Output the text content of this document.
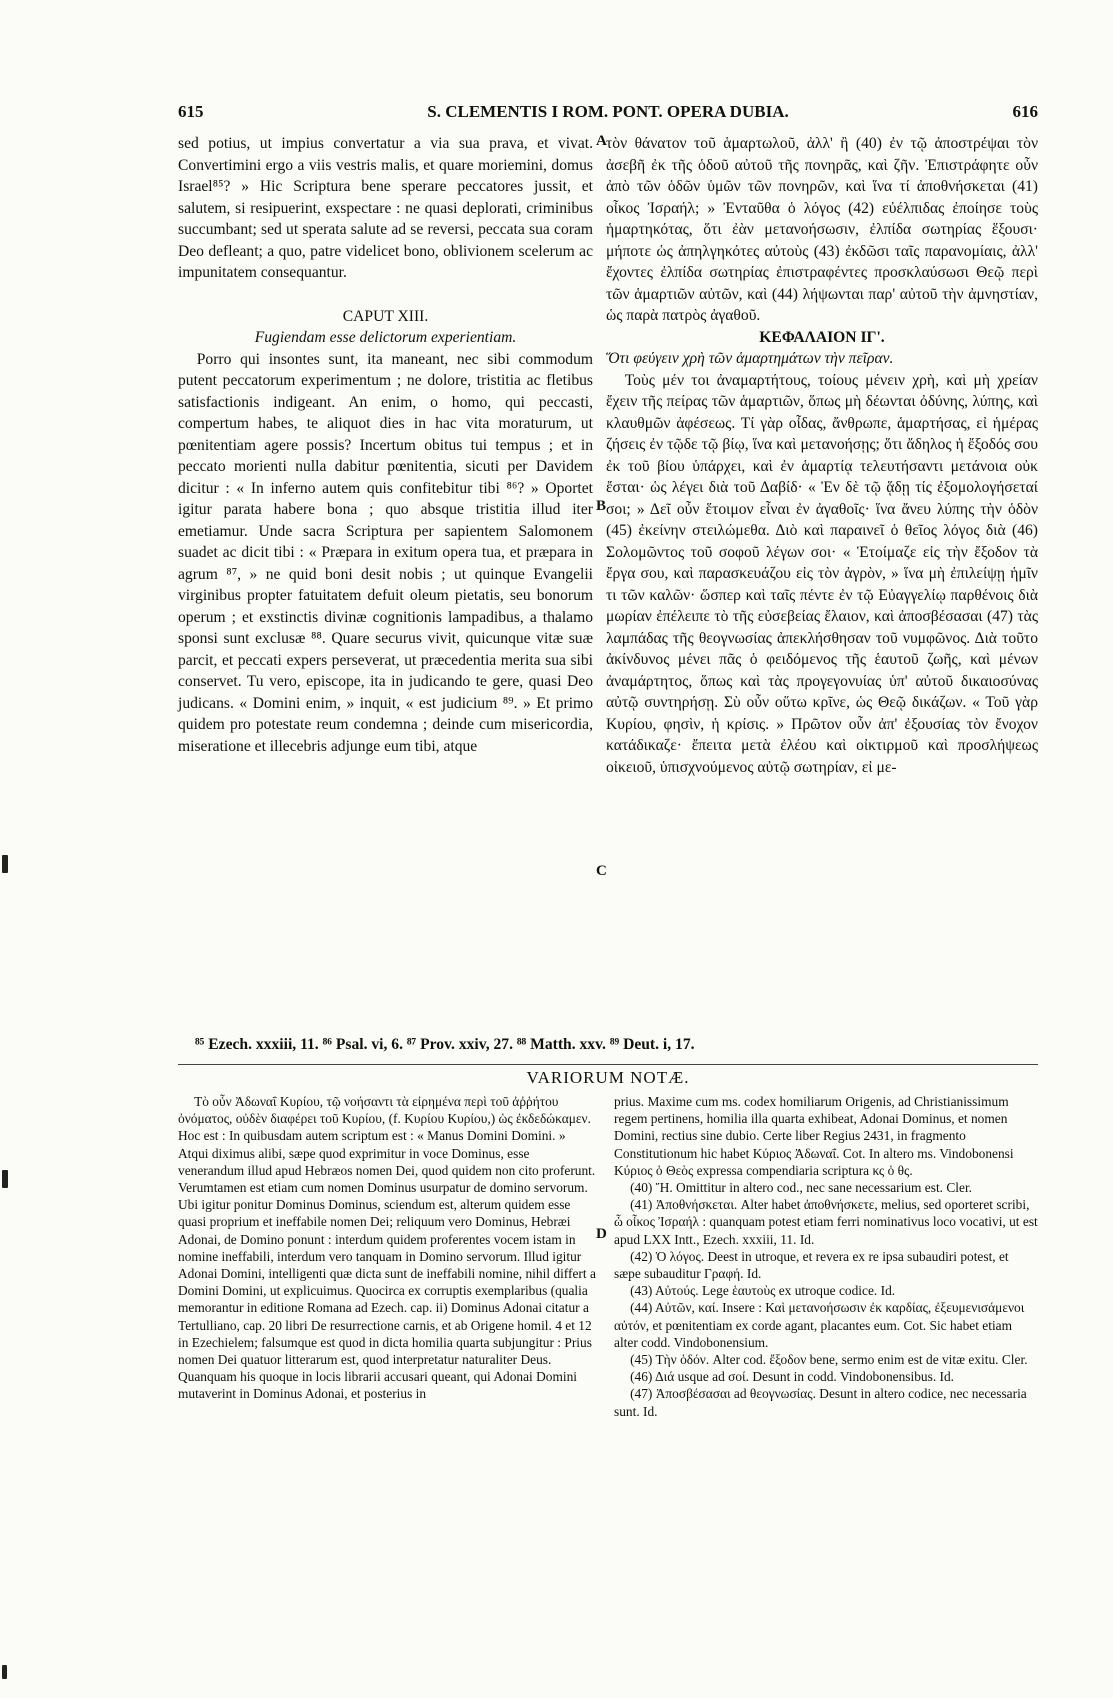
615	S. CLEMENTIS I ROM. PONT. OPERA DUBIA.	616
A
B
C
D

sed potius, ut impius convertatur a via sua prava, et vivat. Convertimini ergo a viis vestris malis, et quare moriemini, domus Israel⁸⁵? » Hic Scriptura bene sperare peccatores jussit, et salutem, si resipuerint, exspectare : ne quasi deplorati, criminibus succumbant; sed ut sperata salute ad se reversi, peccata sua coram Deo defleant; a quo, patre videlicet bono, oblivionem scelerum ac impunitatem consequantur.

CAPUT XIII.

Fugiendam esse delictorum experientiam.

Porro qui insontes sunt, ita maneant, nec sibi commodum putent peccatorum experimentum ; ne dolore, tristitia ac fletibus satisfactionis indigeant. An enim, o homo, qui peccasti, compertum habes, te aliquot dies in hac vita moraturum, ut pœnitentiam agere possis? Incertum obitus tui tempus ; et in peccato morienti nulla dabitur pœnitentia, sicuti per Davidem dicitur : « In inferno autem quis confitebitur tibi ⁸⁶? » Oportet igitur parata habere bona ; quo absque tristitia illud iter emetiamur. Unde sacra Scriptura per sapientem Salomonem suadet ac dicit tibi : « Præpara in exitum opera tua, et præpara in agrum ⁸⁷, » ne quid boni desit nobis ; ut quinque Evangelii virginibus propter fatuitatem defuit oleum pietatis, seu bonorum operum ; et exstinctis divinæ cognitionis lampadibus, a thalamo sponsi sunt exclusæ ⁸⁸. Quare securus vivit, quicunque vitæ suæ parcit, et peccati expers perseverat, ut præcedentia merita sua sibi conservet. Tu vero, episcope, ita in judicando te gere, quasi Deo judicans. « Domini enim, » inquit, « est judicium ⁸⁹. » Et primo quidem pro potestate reum condemna ; deinde cum misericordia, miseratione et illecebris adjunge eum tibi, atque

τὸν θάνατον τοῦ ἁμαρτωλοῦ, ἀλλ' ἢ (40) ἐν τῷ ἀποστρέψαι τὸν ἀσεβῆ ἐκ τῆς ὁδοῦ αὐτοῦ τῆς πονηρᾶς, καὶ ζῆν. Ἐπιστράφητε οὖν ἀπὸ τῶν ὁδῶν ὑμῶν τῶν πονηρῶν, καὶ ἵνα τί ἀποθνήσκεται (41) οἶκος Ἰσραήλ; » Ἐνταῦθα ὁ λόγος (42) εὐέλπιδας ἐποίησε τοὺς ἡμαρτηκότας, ὅτι ἐὰν μετανοήσωσιν, ἐλπίδα σωτηρίας ἕξουσι· μήποτε ὡς ἀπηλγηκότες αὐτοὺς (43) ἐκδῶσι ταῖς παρανομίαις, ἀλλ' ἔχοντες ἐλπίδα σωτηρίας ἐπιστραφέντες προσκλαύσωσι Θεῷ περὶ τῶν ἁμαρτιῶν αὐτῶν, καὶ (44) λήψωνται παρ' αὐτοῦ τὴν ἀμνηστίαν, ὡς παρὰ πατρὸς ἀγαθοῦ.

ΚΕΦΑΛΑΙΟΝ ΙΓ'.

Ὅτι φεύγειν χρὴ τῶν ἁμαρτημάτων τὴν πεῖραν.

Τοὺς μέν τοι ἀναμαρτήτους, τοίους μένειν χρὴ, καὶ μὴ χρείαν ἔχειν τῆς πείρας τῶν ἁμαρτιῶν, ὅπως μὴ δέωνται ὀδύνης, λύπης, καὶ κλαυθμῶν ἀφέσεως. Τί γὰρ οἶδας, ἄνθρωπε, ἁμαρτήσας, εἰ ἡμέρας ζήσεις ἐν τῷδε τῷ βίῳ, ἵνα καὶ μετανοήσῃς; ὅτι ἄδηλος ἡ ἔξοδός σου ἐκ τοῦ βίου ὑπάρχει, καὶ ἐν ἁμαρτίᾳ τελευτήσαντι μετάνοια οὐκ ἔσται· ὡς λέγει διὰ τοῦ Δαβίδ· « Ἐν δὲ τῷ ᾅδῃ τίς ἐξομολογήσεταί σοι; » Δεῖ οὖν ἕτοιμον εἶναι ἐν ἀγαθοῖς· ἵνα ἄνευ λύπης τὴν ὁδὸν (45) ἐκείνην στειλώμεθα. Διὸ καὶ παραινεῖ ὁ θεῖος λόγος διὰ (46) Σολομῶντος τοῦ σοφοῦ λέγων σοι· « Ἑτοίμαζε εἰς τὴν ἔξοδον τὰ ἔργα σου, καὶ παρασκευάζου εἰς τὸν ἀγρὸν, » ἵνα μὴ ἐπιλείψῃ ἡμῖν τι τῶν καλῶν· ὥσπερ καὶ ταῖς πέντε ἐν τῷ Εὐαγγελίῳ παρθένοις διὰ μωρίαν ἐπέλειπε τὸ τῆς εὐσεβείας ἔλαιον, καὶ ἀποσβέσασαι (47) τὰς λαμπάδας τῆς θεογνωσίας ἀπεκλήσθησαν τοῦ νυμφῶνος. Διὰ τοῦτο ἀκίνδυνος μένει πᾶς ὁ φειδόμενος τῆς ἑαυτοῦ ζωῆς, καὶ μένων ἀναμάρτητος, ὅπως καὶ τὰς προγεγονυίας ὑπ' αὐτοῦ δικαιοσύνας αὐτῷ συντηρήσῃ. Σὺ οὖν οὕτω κρῖνε, ὡς Θεῷ δικάζων. « Τοῦ γὰρ Κυρίου, φησὶν, ἡ κρίσις. » Πρῶτον οὖν ἀπ' ἐξουσίας τὸν ἔνοχον κατάδικαζε· ἔπειτα μετὰ ἐλέου καὶ οἰκτιρμοῦ καὶ προσλήψεως οἰκειοῦ, ὑπισχνούμενος αὐτῷ σωτηρίαν, εἰ με-

⁸⁵ Ezech. xxxiii, 11. ⁸⁶ Psal. vi, 6. ⁸⁷ Prov. xxiv, 27. ⁸⁸ Matth. xxv. ⁸⁹ Deut. i, 17.
VARIORUM NOTÆ.

Τὸ οὖν Ἀδωναΐ Κυρίου, τῷ νοήσαντι τὰ εἰρημένα περὶ τοῦ ἀῤῥήτου ὀνόματος, οὐδὲν διαφέρει τοῦ Κυρίου, (f. Κυρίου Κυρίου,) ὡς ἐκδεδώκαμεν. Hoc est : In quibusdam autem scriptum est : « Manus Domini Domini. » Atqui diximus alibi, sæpe quod exprimitur in voce Dominus, esse venerandum illud apud Hebræos nomen Dei, quod quidem non cito proferunt. Verumtamen est etiam cum nomen Dominus usurpatur de domino servorum. Ubi igitur ponitur Dominus Dominus, sciendum est, alterum quidem esse quasi proprium et ineffabile nomen Dei; reliquum vero Dominus, Hebræi Adonai, de Domino ponunt : interdum quidem proferentes vocem istam in nomine ineffabili, interdum vero tanquam in Domino servorum. Illud igitur Adonai Domini, intelligenti quæ dicta sunt de ineffabili nomine, nihil differt a Domini Domini, ut explicuimus. Quocirca ex corruptis exemplaribus (qualia memorantur in editione Romana ad Ezech. cap. ii) Dominus Adonai citatur a Tertulliano, cap. 20 libri De resurrectione carnis, et ab Origene homil. 4 et 12 in Ezechielem; falsumque est quod in dicta homilia quarta subjungitur : Prius nomen Dei quatuor litterarum est, quod interpretatur naturaliter Deus. Quanquam his quoque in locis librarii accusari queant, qui Adonai Domini mutaverint in Dominus Adonai, et posterius in

prius. Maxime cum ms. codex homiliarum Origenis, ad Christianissimum regem pertinens, homilia illa quarta exhibeat, Adonai Dominus, et nomen Domini, rectius sine dubio. Certe liber Regius 2431, in fragmento Constitutionum hic habet Κύριος Ἀδωναΐ. Cot. In altero ms. Vindobonensi Κύριος ὁ Θεὸς expressa compendiaria scriptura κς ὁ θς.

(40) Ἤ. Omittitur in altero cod., nec sane necessarium est. Cler.

(41) Ἀποθνήσκεται. Alter habet ἀποθνήσκετε, melius, sed oporteret scribi, ὦ οἶκος Ἰσραήλ : quanquam potest etiam ferri nominativus loco vocativi, ut est apud LXX Intt., Ezech. xxxiii, 11. Id.

(42) Ὁ λόγος. Deest in utroque, et revera ex re ipsa subaudiri potest, et sæpe subauditur Γραφή. Id.

(43) Αὐτούς. Lege ἑαυτοὺς ex utroque codice. Id.

(44) Αὐτῶν, καί. Insere : Καὶ μετανοήσωσιν ἐκ καρδίας, ἐξευμενισάμενοι αὐτόν, et pœnitentiam ex corde agant, placantes eum. Cot. Sic habet etiam alter codd. Vindobonensium.

(45) Τὴν ὁδόν. Alter cod. ἔξοδον bene, sermo enim est de vitæ exitu. Cler.

(46) Διά usque ad σοί. Desunt in codd. Vindobonensibus. Id.

(47) Ἀποσβέσασαι ad θεογνωσίας. Desunt in altero codice, nec necessaria sunt. Id.
